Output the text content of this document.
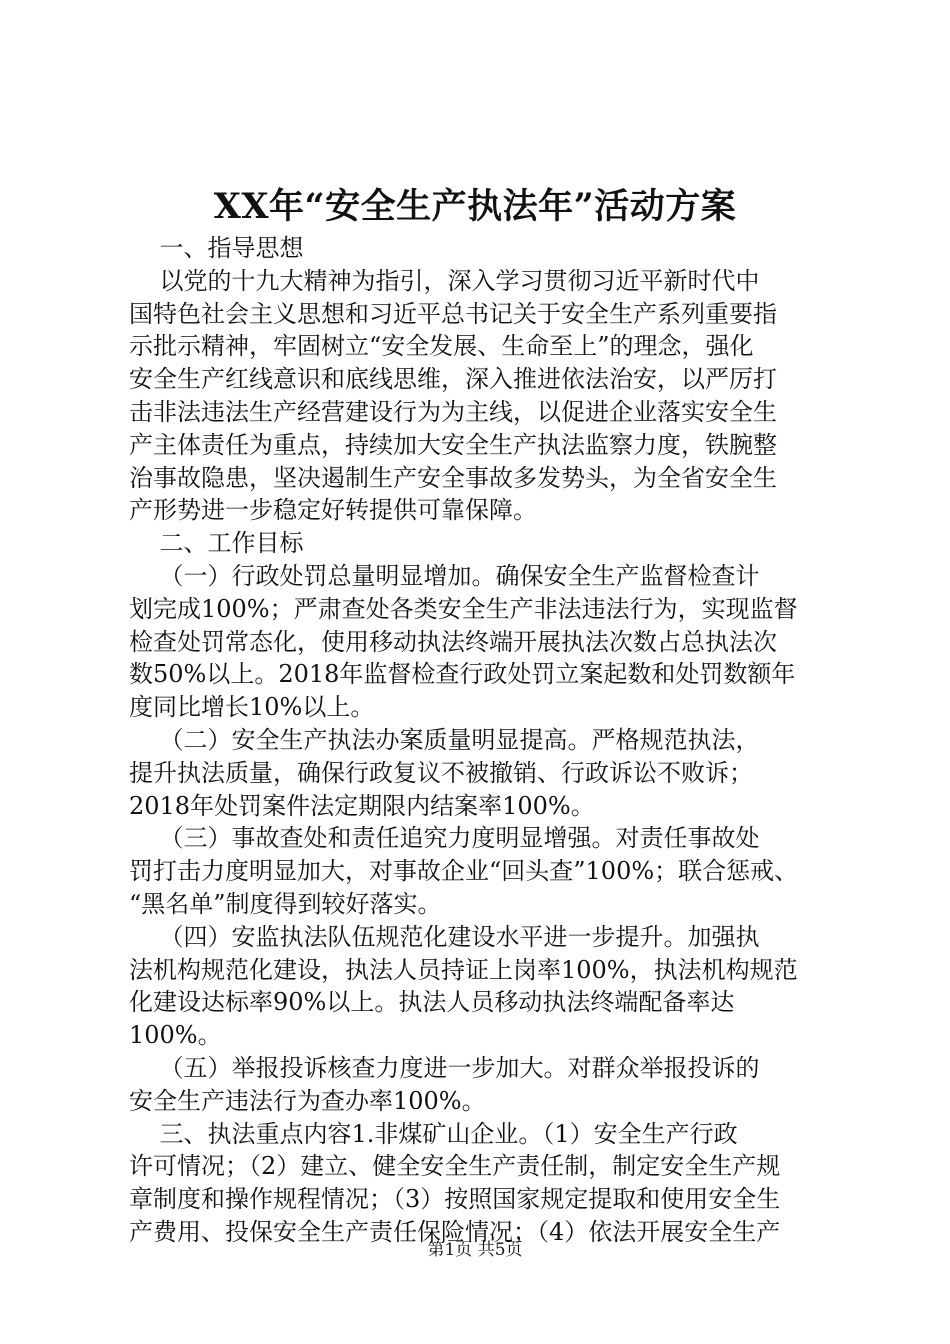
XX年“安全生产执法年”活动方案
一、指导思想
以党的十九大精神为指引，深入学习贯彻习近平新时代中
国特色社会主义思想和习近平总书记关于安全生产系列重要指
示批示精神，牢固树立“安全发展、生命至上”的理念，强化
安全生产红线意识和底线思维，深入推进依法治安，以严厉打
击非法违法生产经营建设行为为主线，以促进企业落实安全生
产主体责任为重点，持续加大安全生产执法监察力度，铁腕整
治事故隐患，坚决遏制生产安全事故多发势头，为全省安全生
产形势进一步稳定好转提供可靠保障。
二、工作目标
（一）行政处罚总量明显增加。确保安全生产监督检查计
划完成100%；严肃查处各类安全生产非法违法行为，实现监督
检查处罚常态化，使用移动执法终端开展执法次数占总执法次
数50%以上。2018年监督检查行政处罚立案起数和处罚数额年
度同比增长10%以上。
（二）安全生产执法办案质量明显提高。严格规范执法，
提升执法质量，确保行政复议不被撤销、行政诉讼不败诉；
2018年处罚案件法定期限内结案率100%。
（三）事故查处和责任追究力度明显增强。对责任事故处
罚打击力度明显加大，对事故企业“回头查”100%；联合惩戒、
“黑名单”制度得到较好落实。
（四）安监执法队伍规范化建设水平进一步提升。加强执
法机构规范化建设，执法人员持证上岗率100%，执法机构规范
化建设达标率90%以上。执法人员移动执法终端配备率达
100%。
（五）举报投诉核查力度进一步加大。对群众举报投诉的
安全生产违法行为查办率100%。
三、执法重点内容1.非煤矿山企业。（1）安全生产行政
许可情况；（2）建立、健全安全生产责任制，制定安全生产规
章制度和操作规程情况；（3）按照国家规定提取和使用安全生
产费用、投保安全生产责任保险情况；（4）依法开展安全生产
第1页 共5页
